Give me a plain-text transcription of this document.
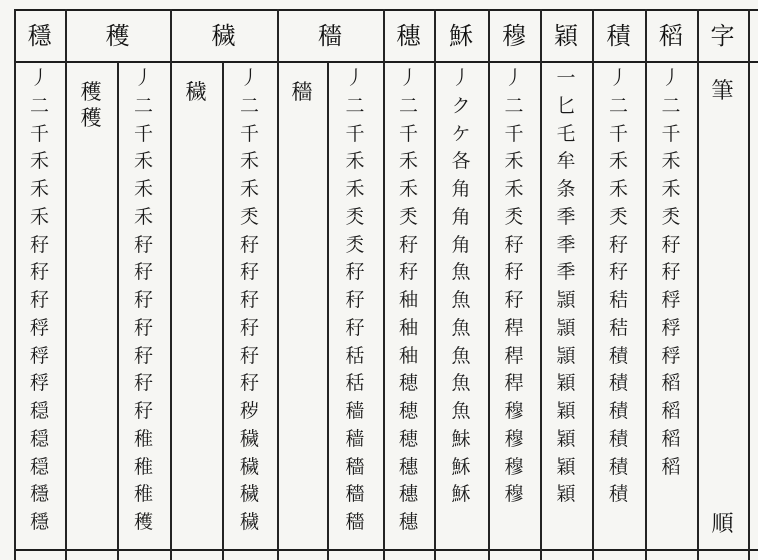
字
筆
順
稻
丿
二
千
禾
禾
秂
秄
秄
稃
稃
稃
稻
稻
稻
稻
積
丿
二
千
禾
禾
秂
秄
秄
秸
秸
積
積
積
積
積
積
穎
一
匕
乇
牟
条
秊
秊
秊
頴
頴
頴
穎
穎
穎
穎
穎
穆
丿
二
千
禾
禾
秂
秄
秄
秄
稈
稈
稈
穆
穆
穆
穆
穌
丿
ク
ケ
各
角
角
角
魚
魚
魚
魚
魚
魚
鮇
穌
穌
穗
丿
二
千
禾
禾
秂
秄
秄
秞
秞
秞
穂
穂
穂
穗
穗
穗
穡
穡
丿
二
千
禾
禾
秂
秂
秄
秄
秄
秳
秳
穑
穑
穡
穡
穡
穢
穢
丿
二
千
禾
禾
秂
秄
秄
秄
秄
秄
秄
秽
穢
穢
穢
穢
穫
穫
穫
丿
二
千
禾
禾
禾
秄
秄
秄
秄
秄
秄
秄
稚
稚
稚
穫
穩
丿
二
千
禾
禾
禾
秄
秄
秄
稃
稃
稃
穏
穏
穏
穩
穩
